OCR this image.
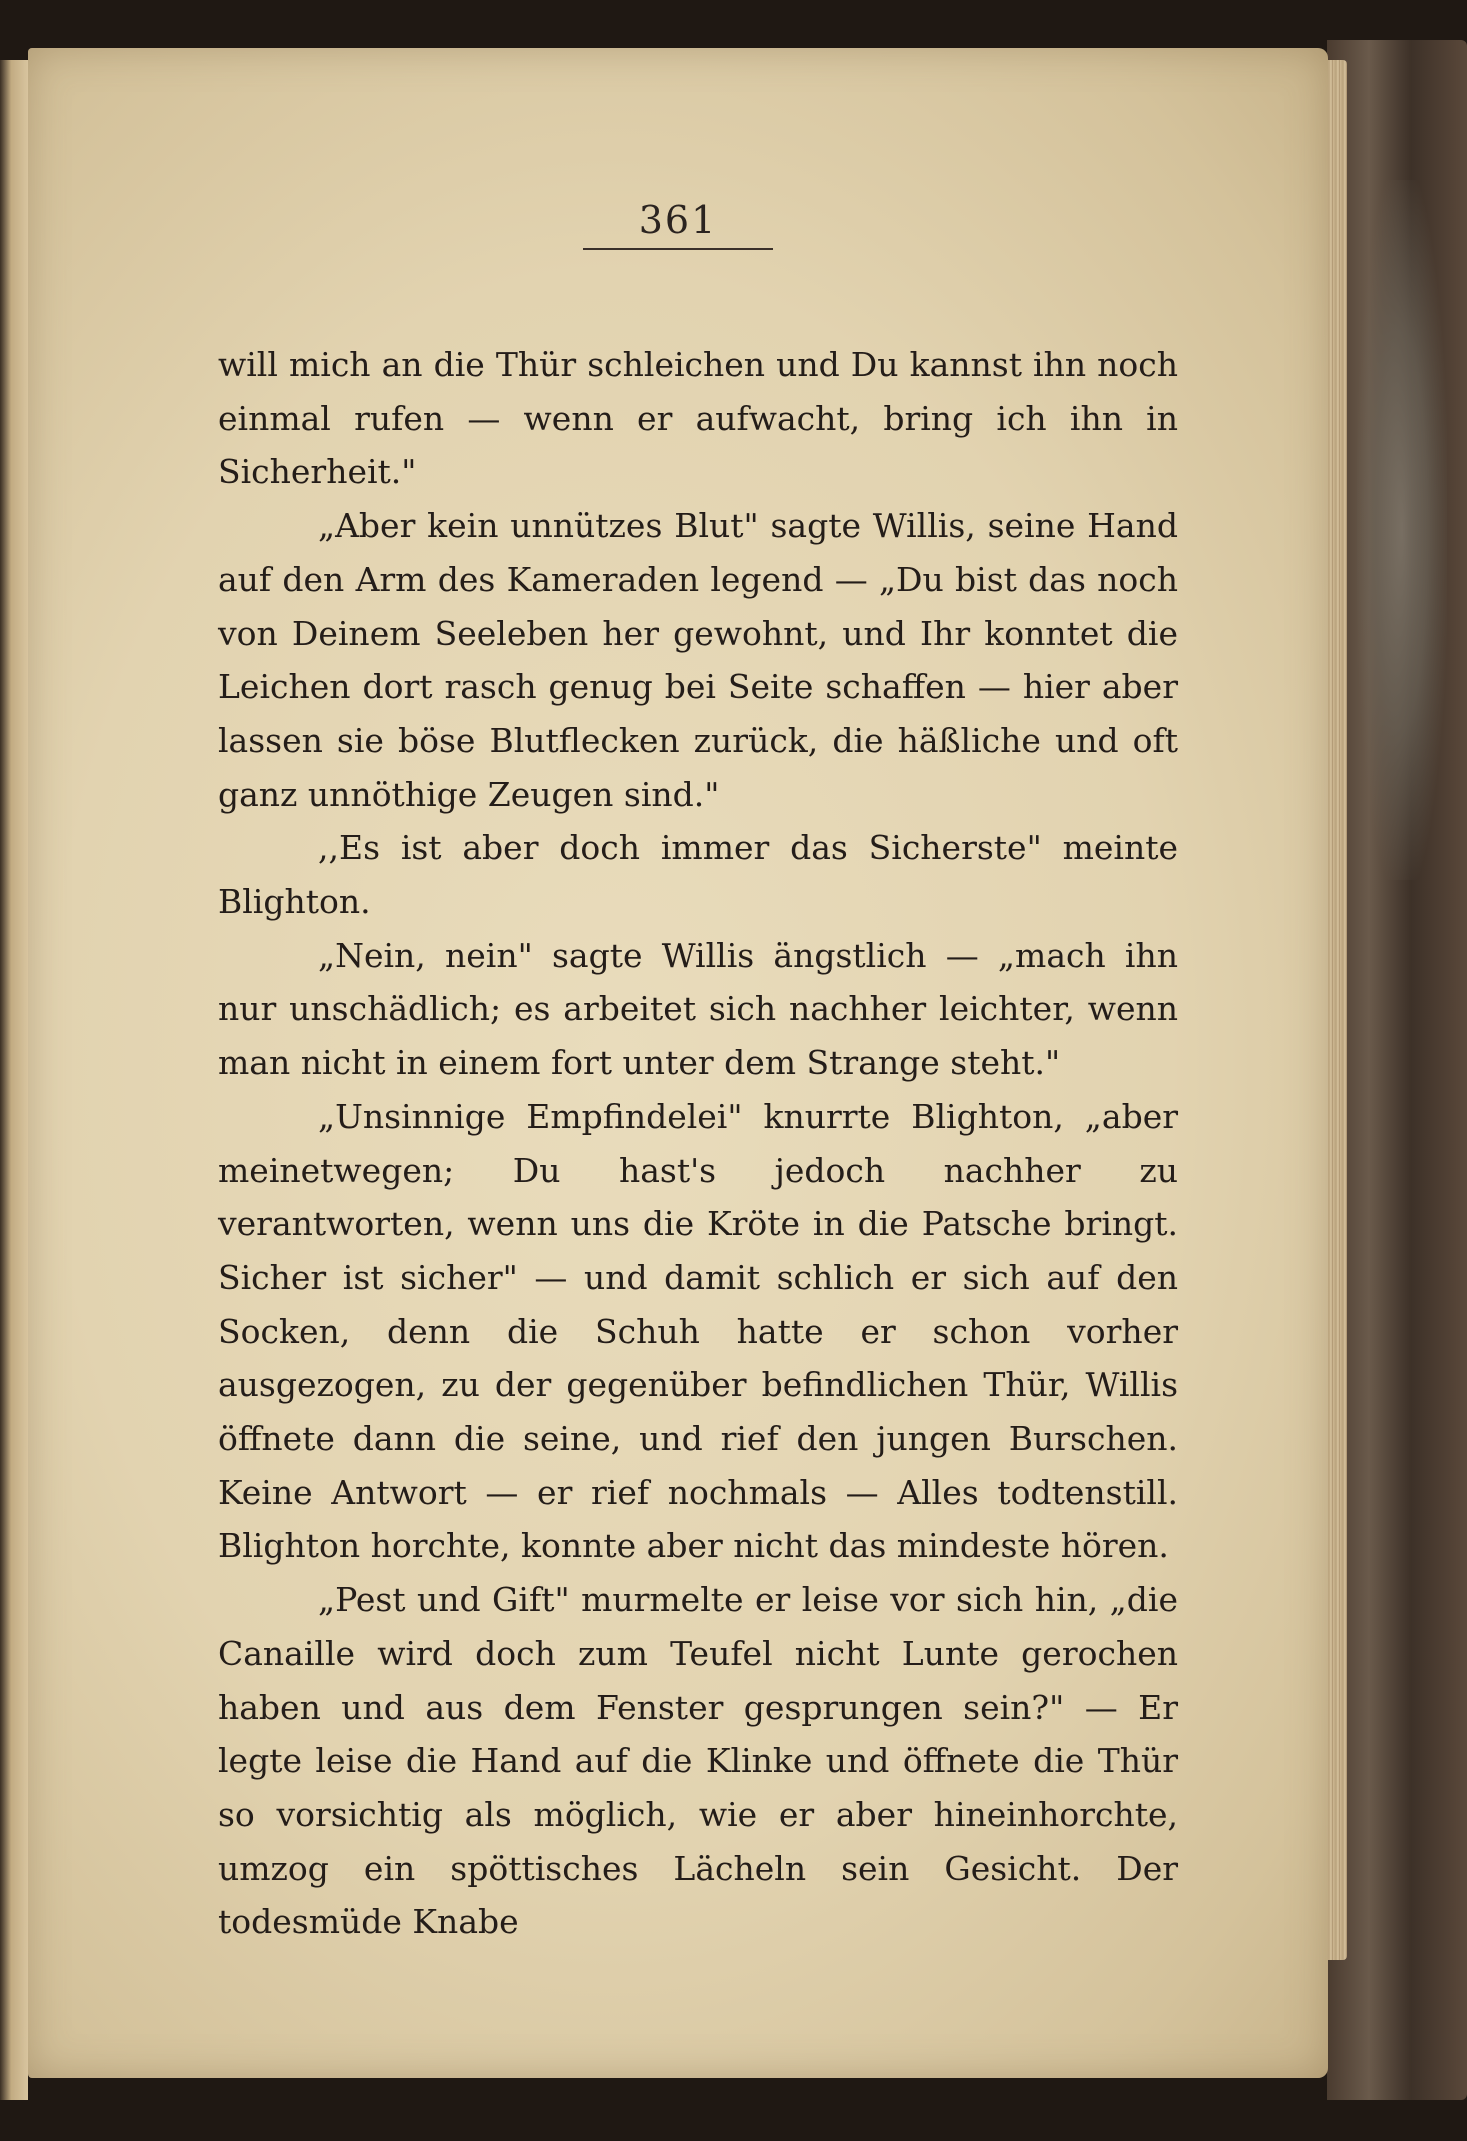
361

will mich an die Thür schleichen und Du kannst ihn noch einmal rufen — wenn er aufwacht, bring ich ihn in Sicherheit."

„Aber kein unnützes Blut" sagte Willis, seine Hand auf den Arm des Kameraden legend — „Du bist das noch von Deinem Seeleben her gewohnt, und Ihr konntet die Leichen dort rasch genug bei Seite schaffen — hier aber lassen sie böse Blutflecken zurück, die häßliche und oft ganz unnöthige Zeugen sind."

,,Es ist aber doch immer das Sicherste" meinte Blighton.

„Nein, nein" sagte Willis ängstlich — „mach ihn nur unschädlich; es arbeitet sich nachher leichter, wenn man nicht in einem fort unter dem Strange steht."

„Unsinnige Empfindelei" knurrte Blighton, „aber meinetwegen; Du hast's jedoch nachher zu verantworten, wenn uns die Kröte in die Patsche bringt. Sicher ist sicher" — und damit schlich er sich auf den Socken, denn die Schuh hatte er schon vorher ausgezogen, zu der gegenüber befindlichen Thür, Willis öffnete dann die seine, und rief den jungen Burschen. Keine Antwort — er rief nochmals — Alles todtenstill. Blighton horchte, konnte aber nicht das mindeste hören.

„Pest und Gift" murmelte er leise vor sich hin, „die Canaille wird doch zum Teufel nicht Lunte gerochen haben und aus dem Fenster gesprungen sein?" — Er legte leise die Hand auf die Klinke und öffnete die Thür so vorsichtig als möglich, wie er aber hineinhorchte, umzog ein spöttisches Lächeln sein Gesicht. Der todesmüde Knabe
